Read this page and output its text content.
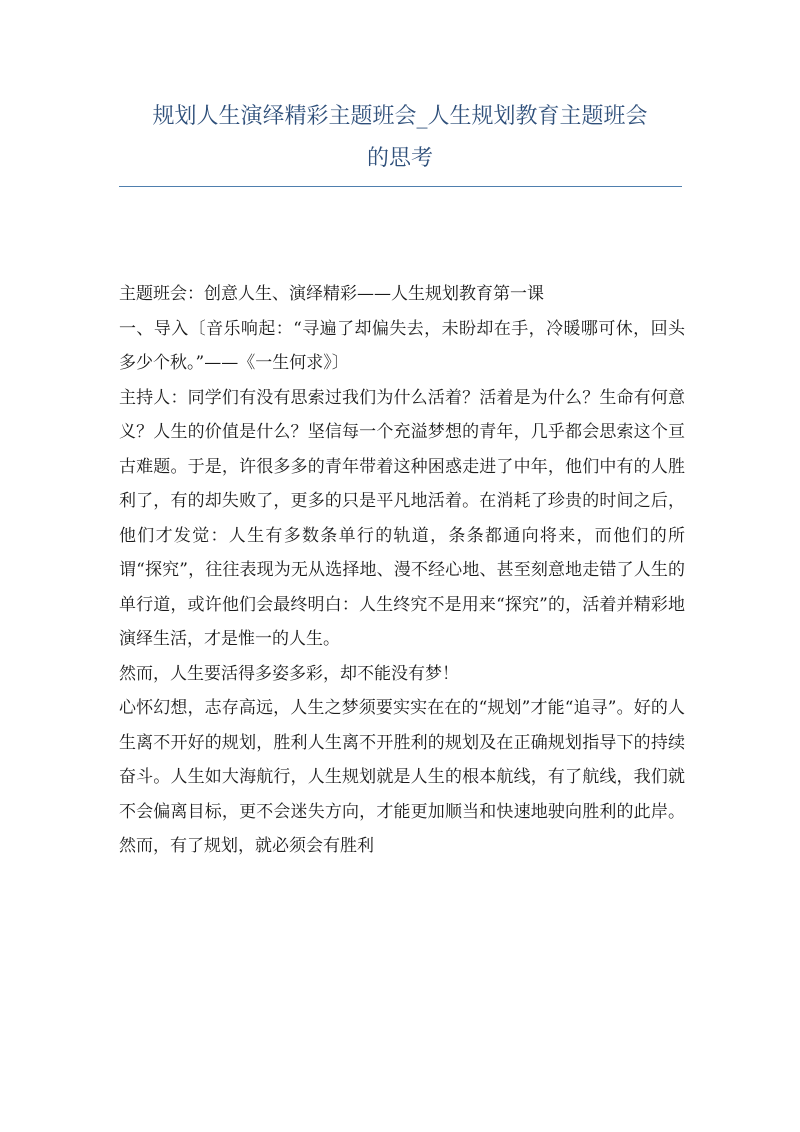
规划人生演绎精彩主题班会_人生规划教育主题班会
的思考

主题班会：创意人生、演绎精彩——人生规划教育第一课

一、导入〔音乐响起：“寻遍了却偏失去，未盼却在手，冷暖哪可休，回头多少个秋。”——《一生何求》〕

主持人：同学们有没有思索过我们为什么活着？活着是为什么？生命有何意义？人生的价值是什么？坚信每一个充溢梦想的青年，几乎都会思索这个亘古难题。于是，许很多多的青年带着这种困惑走进了中年，他们中有的人胜利了，有的却失败了，更多的只是平凡地活着。在消耗了珍贵的时间之后，他们才发觉：人生有多数条单行的轨道，条条都通向将来，而他们的所谓“探究”，往往表现为无从选择地、漫不经心地、甚至刻意地走错了人生的单行道，或许他们会最终明白：人生终究不是用来“探究”的，活着并精彩地演绎生活，才是惟一的人生。

然而，人生要活得多姿多彩，却不能没有梦！

心怀幻想，志存高远，人生之梦须要实实在在的“规划”才能“追寻”。好的人生离不开好的规划，胜利人生离不开胜利的规划及在正确规划指导下的持续奋斗。人生如大海航行，人生规划就是人生的根本航线，有了航线，我们就不会偏离目标，更不会迷失方向，才能更加顺当和快速地驶向胜利的此岸。然而，有了规划，就必须会有胜利
